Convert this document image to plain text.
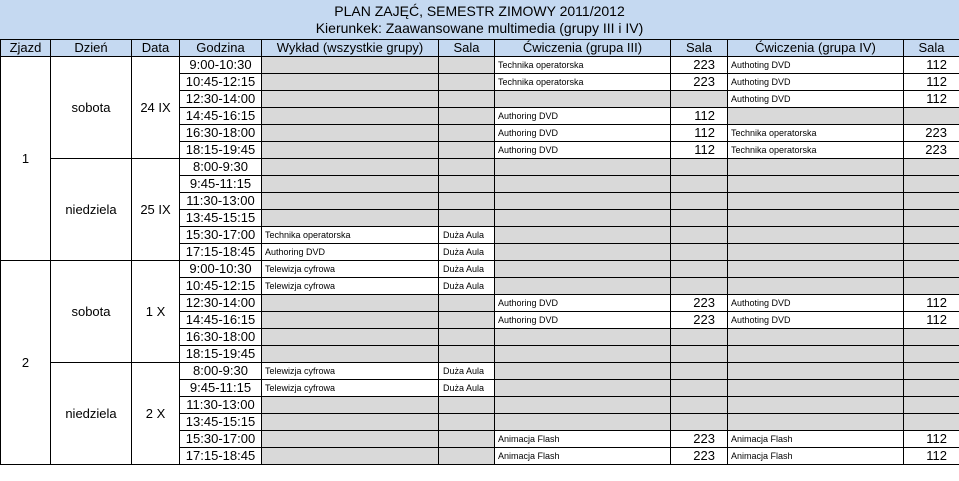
PLAN ZAJĘĆ, SEMESTR ZIMOWY 2011/2012
Kierunkek: Zaawansowane multimedia (grupy III i IV)
Zjazd	Dzień	Data	Godzina	Wykład (wszystkie grupy)	Sala	Ćwiczenia (grupa III)	Sala	Ćwiczenia (grupa IV)	Sala
1	sobota	24 IX	9:00-10:30			Technika operatorska	223	Authoting DVD	112
			10:45-12:15			Technika operatorska	223	Authoting DVD	112
			12:30-14:00					Authoting DVD	112
			14:45-16:15			Authoring DVD	112		
			16:30-18:00			Authoring DVD	112	Technika operatorska	223
			18:15-19:45			Authoring DVD	112	Technika operatorska	223
	niedziela	25 IX	8:00-9:30						
			9:45-11:15						
			11:30-13:00						
			13:45-15:15						
			15:30-17:00	Technika operatorska	Duża Aula				
			17:15-18:45	Authoring DVD	Duża Aula				
2	sobota	1 X	9:00-10:30	Telewizja cyfrowa	Duża Aula				
			10:45-12:15	Telewizja cyfrowa	Duża Aula				
			12:30-14:00			Authoring DVD	223	Authoting DVD	112
			14:45-16:15			Authoring DVD	223	Authoting DVD	112
			16:30-18:00						
			18:15-19:45						
	niedziela	2 X	8:00-9:30	Telewizja cyfrowa	Duża Aula				
			9:45-11:15	Telewizja cyfrowa	Duża Aula				
			11:30-13:00						
			13:45-15:15						
			15:30-17:00			Animacja Flash	223	Animacja Flash	112
			17:15-18:45			Animacja Flash	223	Animacja Flash	112
